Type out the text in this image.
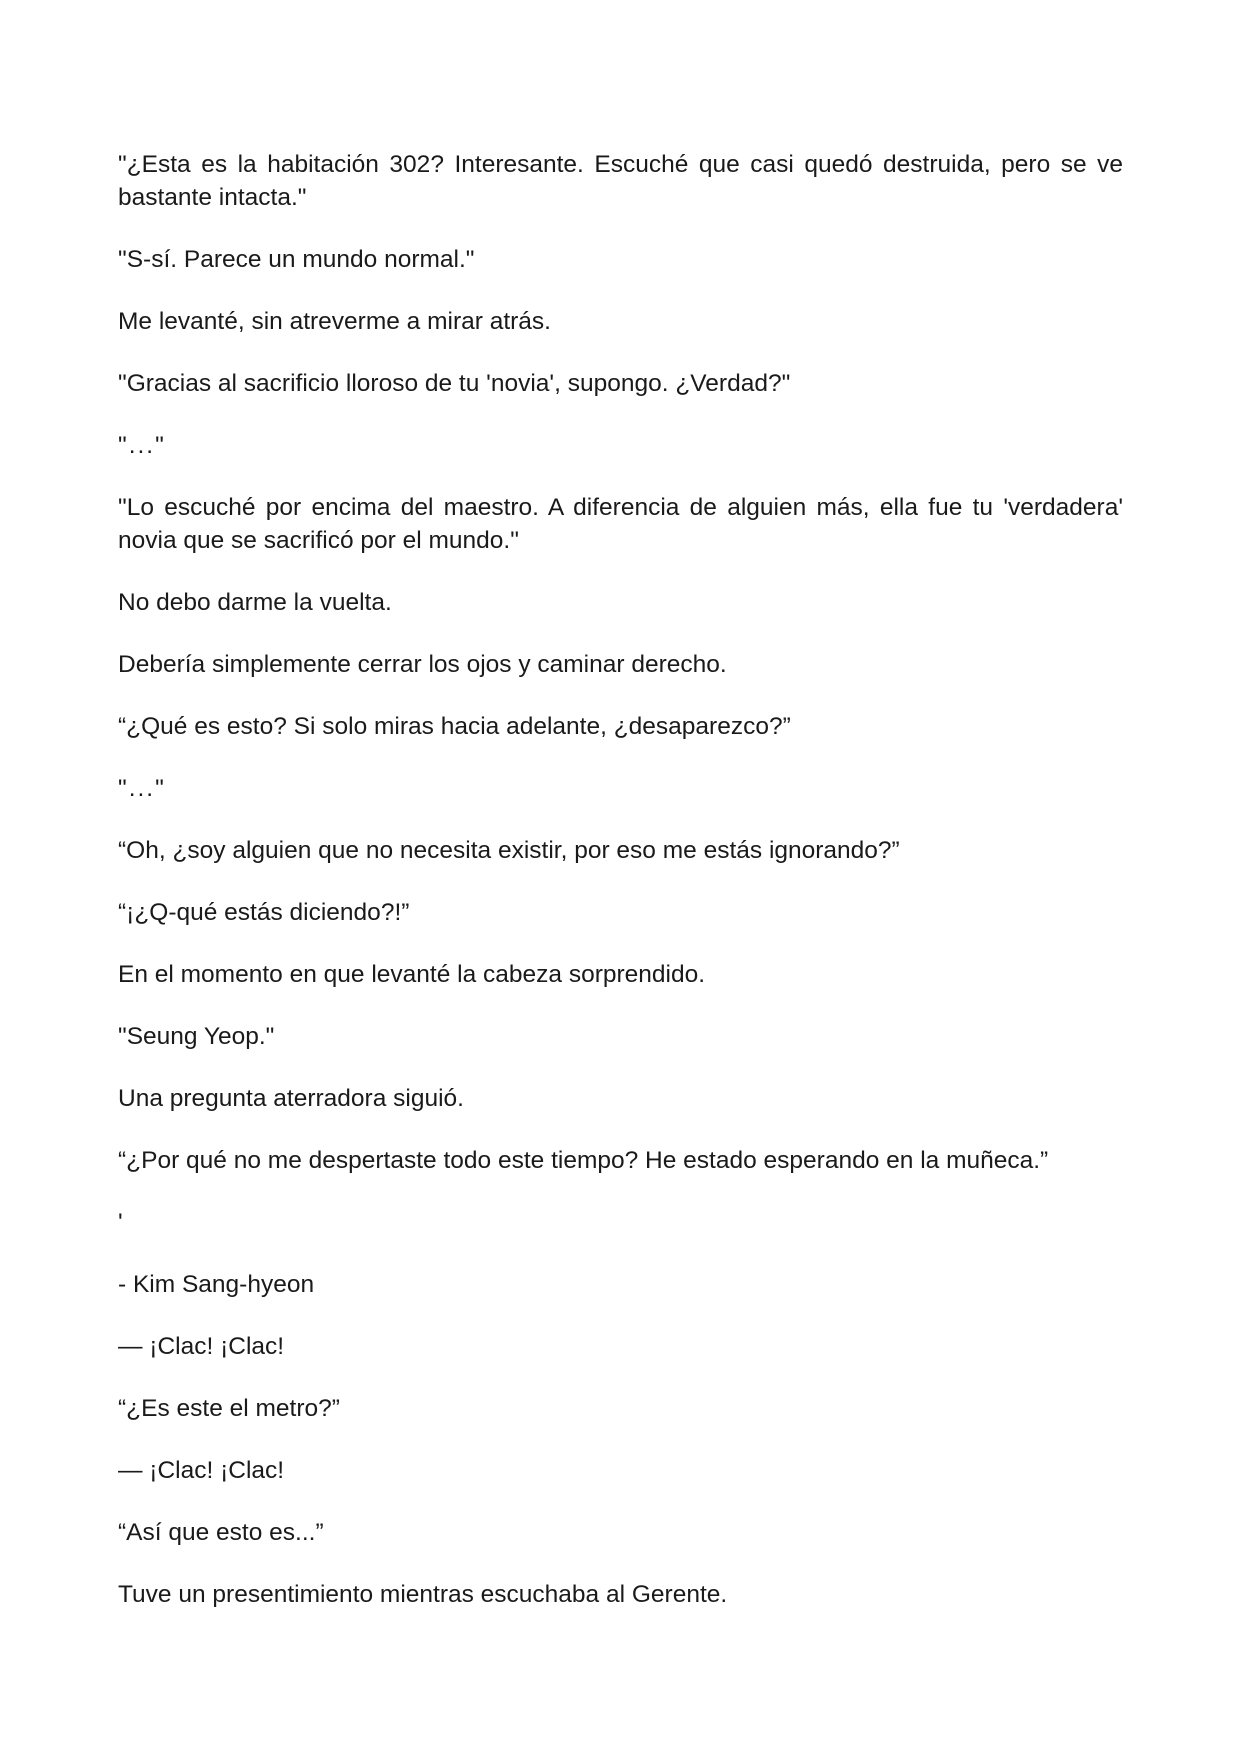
"¿Esta es la habitación 302? Interesante. Escuché que casi quedó destruida, pero se ve bastante intacta."

"S-sí. Parece un mundo normal."

Me levanté, sin atreverme a mirar atrás.

"Gracias al sacrificio lloroso de tu 'novia', supongo. ¿Verdad?"

"..."

"Lo escuché por encima del maestro. A diferencia de alguien más, ella fue tu 'verdadera' novia que se sacrificó por el mundo."

No debo darme la vuelta.

Debería simplemente cerrar los ojos y caminar derecho.

“¿Qué es esto? Si solo miras hacia adelante, ¿desaparezco?”

"..."

“Oh, ¿soy alguien que no necesita existir, por eso me estás ignorando?”

“¡¿Q-qué estás diciendo?!”

En el momento en que levanté la cabeza sorprendido.

"Seung Yeop."

Una pregunta aterradora siguió.

“¿Por qué no me despertaste todo este tiempo? He estado esperando en la muñeca.”

'

- Kim Sang-hyeon

— ¡Clac! ¡Clac!

“¿Es este el metro?”

— ¡Clac! ¡Clac!

“Así que esto es...”

Tuve un presentimiento mientras escuchaba al Gerente.
